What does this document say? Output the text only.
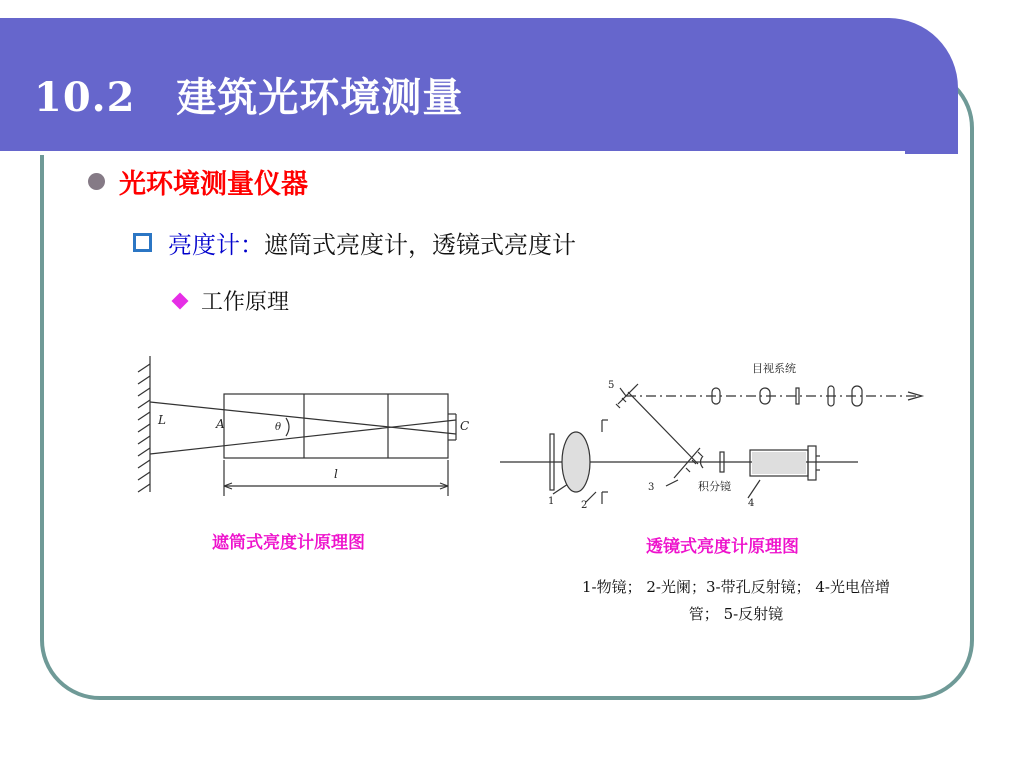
10.2　建筑光环境测量
光环境测量仪器
亮度计： 遮筒式亮度计，透镜式亮度计
工作原理
L	A	θ	C
l
遮筒式亮度计原理图
目视系统
积分镜
5
3
1	2	4
透镜式亮度计原理图
1-物镜； 2-光阑；3-带孔反射镜； 4-光电倍增
管； 5-反射镜
